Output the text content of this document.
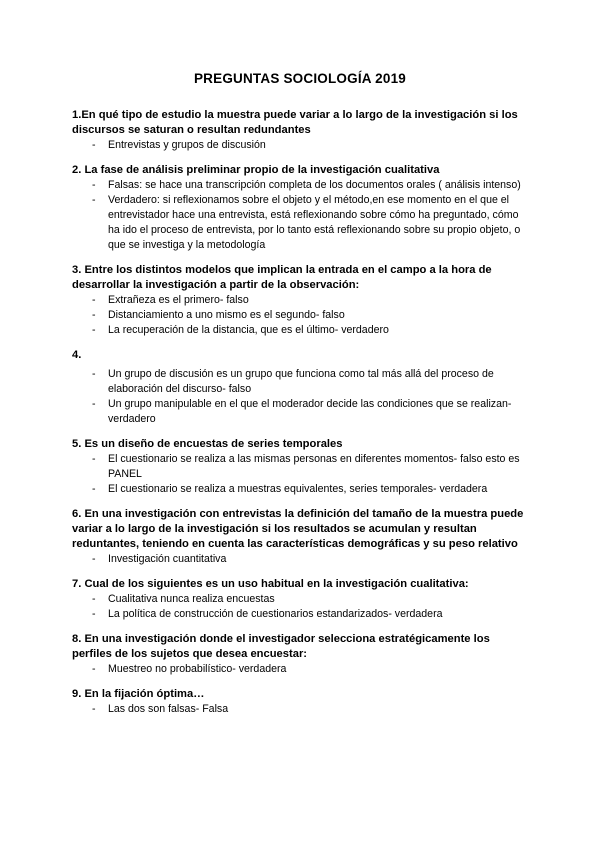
PREGUNTAS SOCIOLOGÍA 2019
1.En qué tipo de estudio la muestra puede variar a lo largo de la investigación si los discursos se saturan o resultan redundantes
- Entrevistas y grupos de discusión
2. La fase de análisis preliminar propio de la investigación cualitativa
- Falsas: se hace una transcripción completa de los documentos orales ( análisis intenso)
- Verdadero: si reflexionamos sobre el objeto y el método,en ese momento en el que el entrevistador hace una entrevista, está reflexionando sobre cómo ha preguntado, cómo ha ido el proceso de entrevista, por lo tanto está reflexionando sobre su propio objeto, o que se investiga y la metodología
3. Entre los distintos modelos que implican la entrada en el campo a la hora de desarrollar la investigación a partir de la observación:
- Extrañeza es el primero- falso
- Distanciamiento a uno mismo es el segundo- falso
- La recuperación de la distancia, que es el último- verdadero
4.
- Un grupo de discusión es un grupo que funciona como tal más allá del proceso de elaboración del discurso- falso
- Un grupo manipulable en el que el moderador decide las condiciones que se realizan- verdadero
5. Es un diseño de encuestas de series temporales
- El cuestionario se realiza a las mismas personas en diferentes momentos- falso esto es PANEL
- El cuestionario se realiza a muestras equivalentes, series temporales- verdadera
6. En una investigación con entrevistas la definición del tamaño de la muestra puede variar a lo largo de la investigación si los resultados se acumulan y resultan reduntantes, teniendo en cuenta las características demográficas y su peso relativo
- Investigación cuantitativa
7. Cual de los siguientes es un uso habitual en la investigación cualitativa:
- Cualitativa nunca realiza encuestas
- La política de construcción de cuestionarios estandarizados- verdadera
8. En una investigación donde el investigador selecciona estratégicamente los perfiles de los sujetos que desea encuestar:
- Muestreo no probabilístico- verdadera
9. En la fijación óptima…
- Las dos son falsas- Falsa
